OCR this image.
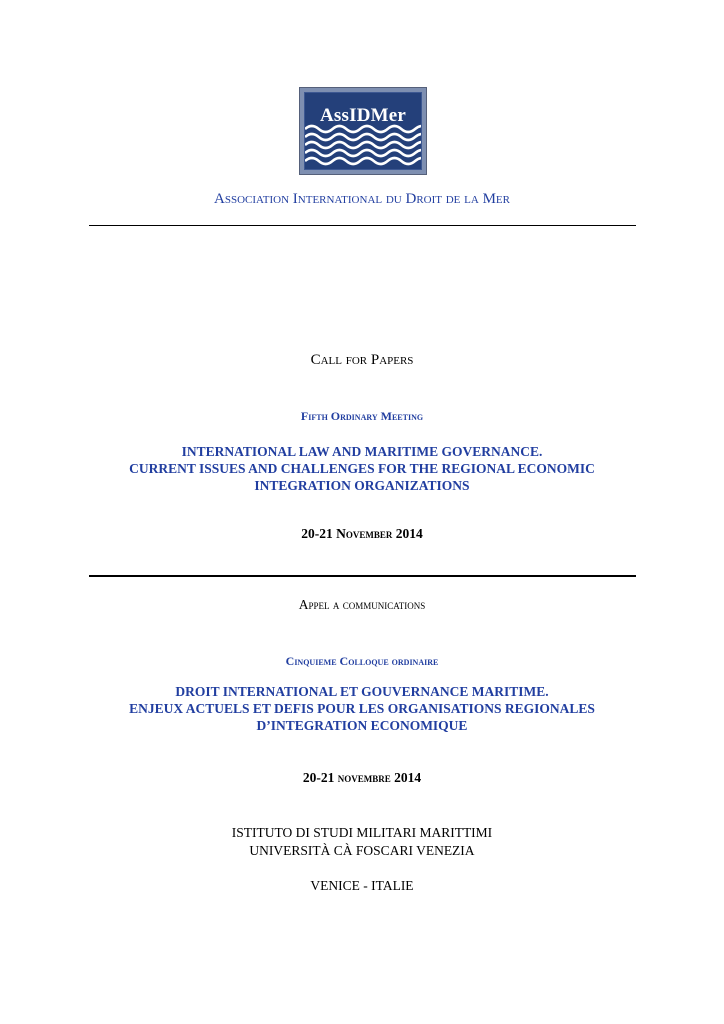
AssIDMer
Association International du Droit de la Mer
Call for Papers
Fifth Ordinary Meeting
INTERNATIONAL LAW AND MARITIME GOVERNANCE.
CURRENT ISSUES AND CHALLENGES FOR THE REGIONAL ECONOMIC
INTEGRATION ORGANIZATIONS
20-21 November 2014
Appel a communications
Cinquieme Colloque ordinaire
DROIT INTERNATIONAL ET GOUVERNANCE MARITIME.
ENJEUX ACTUELS ET DEFIS POUR LES ORGANISATIONS REGIONALES
D’INTEGRATION ECONOMIQUE
20-21 novembre 2014
ISTITUTO DI STUDI MILITARI MARITTIMI
UNIVERSITÀ CÀ FOSCARI VENEZIA
VENICE - ITALIE
